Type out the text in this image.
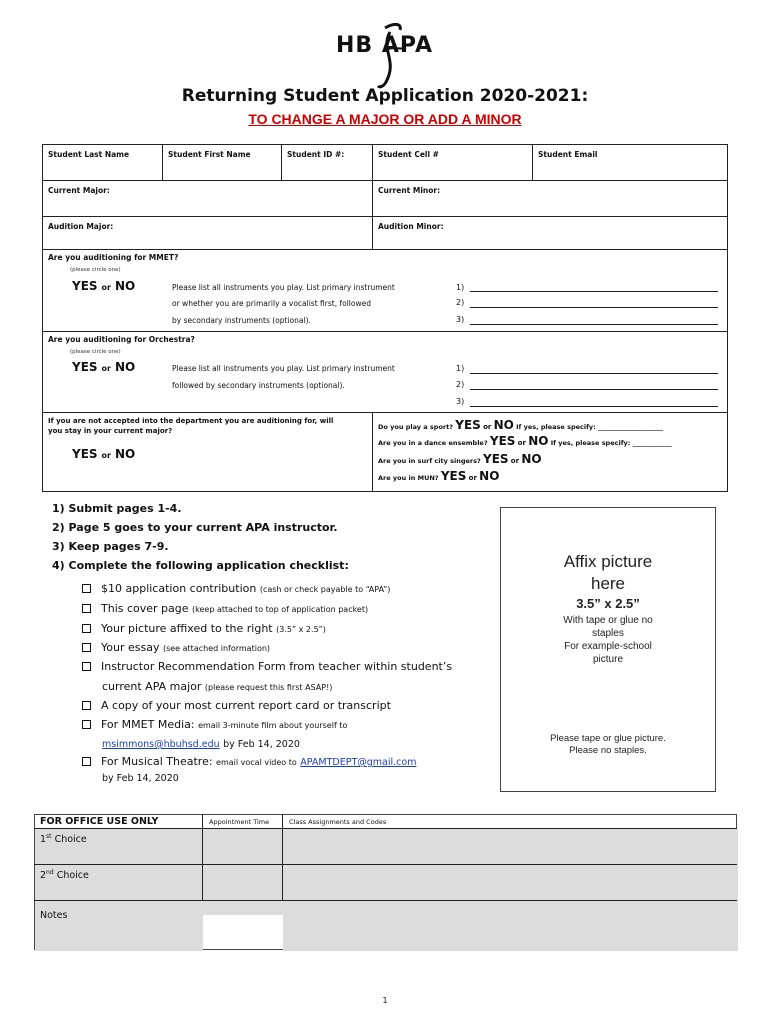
HB APA
Returning Student Application 2020-2021:
TO CHANGE A MAJOR OR ADD A MINOR
Student Last Name	Student First Name	Student ID #:	Student Cell #	Student Email
Current Major:	Current Minor:
Audition Major:	Audition Minor:
Are you auditioning for MMET?
(please circle one)
YES or NO	Please list all instruments you play. List primary instrument
or whether you are primarily a vocalist first, followed
by secondary instruments (optional).
1)
2)
3)
Are you auditioning for Orchestra?
(please circle one)
YES or NO	Please list all instruments you play. List primary instrument
followed by secondary instruments (optional).
1)
2)
3)
If you are not accepted into the department you are auditioning for, will
you stay in your current major?
YES or NO
Do you play a sport? YES or NO If yes, please specify: ____________________
Are you in a dance ensemble? YES or NO If yes, please specify: ____________
Are you in surf city singers? YES or NO
Are you in MUN? YES or NO
1) Submit pages 1-4.
2) Page 5 goes to your current APA instructor.
3) Keep pages 7-9.
4) Complete the following application checklist:
$10 application contribution (cash or check payable to “APA”)
This cover page (keep attached to top of application packet)
Your picture affixed to the right (3.5” x 2.5”)
Your essay (see attached information)
Instructor Recommendation Form from teacher within student’s
current APA major (please request this first ASAP!)
A copy of your most current report card or transcript
For MMET Media: email 3-minute film about yourself to
msimmons@hbuhsd.edu by Feb 14, 2020
For Musical Theatre: email vocal video to APAMTDEPT@gmail.com
by Feb 14, 2020
Affix picture
here
3.5” x 2.5”
With tape or glue no
staples
For example-school
picture
Please tape or glue picture.
Please no staples.
FOR OFFICE USE ONLY	Appointment Time	Class Assignments and Codes
1st Choice
2nd Choice
Notes
1
